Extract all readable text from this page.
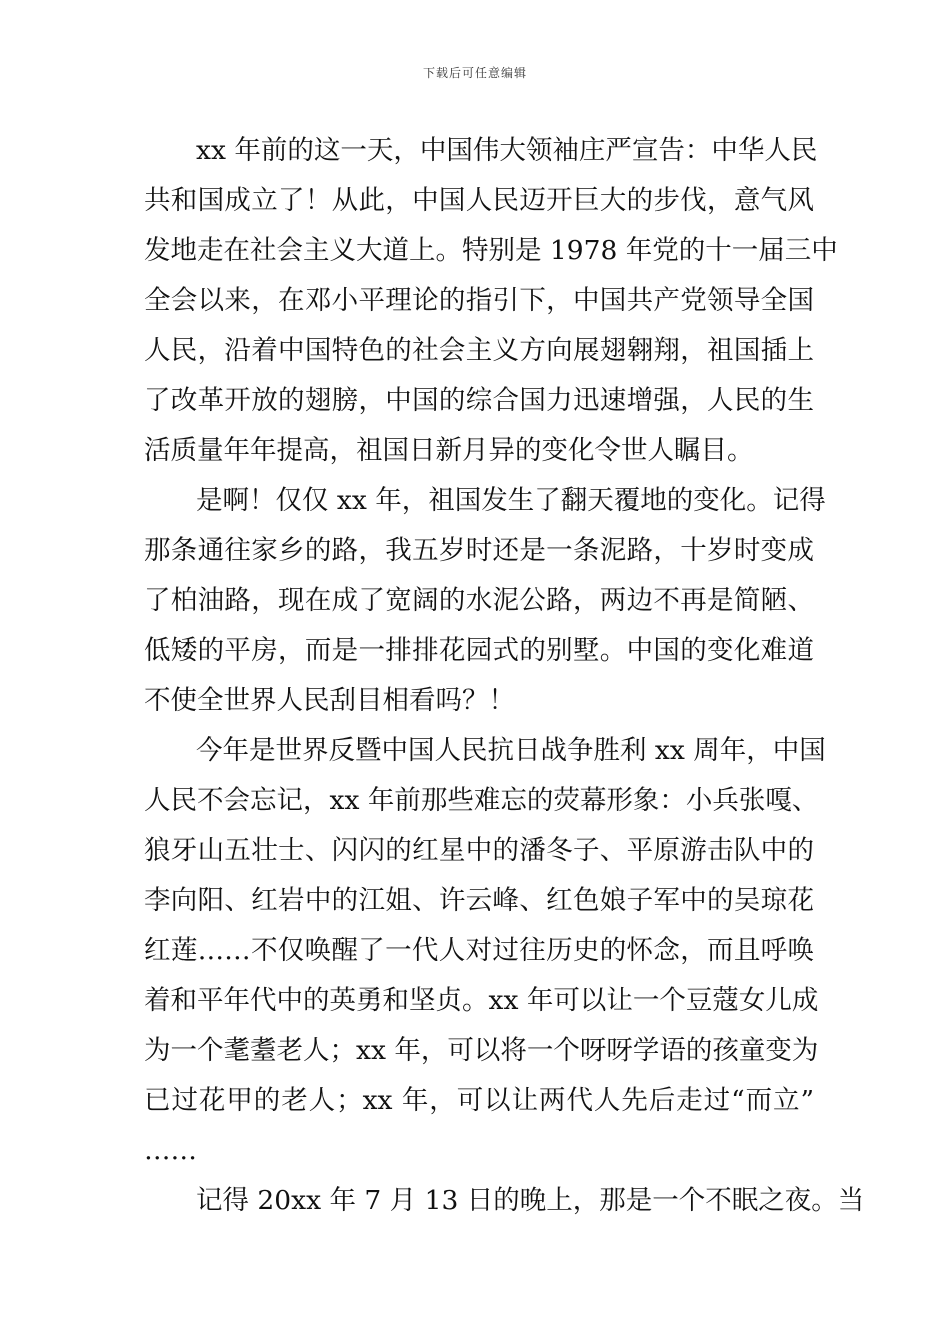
下载后可任意编辑
xx 年前的这一天，中国伟大领袖庄严宣告：中华人民
共和国成立了！从此，中国人民迈开巨大的步伐，意气风
发地走在社会主义大道上。特别是 1978 年党的十一届三中
全会以来，在邓小平理论的指引下，中国共产党领导全国
人民，沿着中国特色的社会主义方向展翅翱翔，祖国插上
了改革开放的翅膀，中国的综合国力迅速增强，人民的生
活质量年年提高，祖国日新月异的变化令世人瞩目。
是啊！仅仅 xx 年，祖国发生了翻天覆地的变化。记得
那条通往家乡的路，我五岁时还是一条泥路，十岁时变成
了柏油路，现在成了宽阔的水泥公路，两边不再是简陋、
低矮的平房，而是一排排花园式的别墅。中国的变化难道
不使全世界人民刮目相看吗？！
今年是世界反暨中国人民抗日战争胜利 xx 周年，中国
人民不会忘记，xx 年前那些难忘的荧幕形象：小兵张嘎、
狼牙山五壮士、闪闪的红星中的潘冬子、平原游击队中的
李向阳、红岩中的江姐、许云峰、红色娘子军中的吴琼花
红莲……不仅唤醒了一代人对过往历史的怀念，而且呼唤
着和平年代中的英勇和坚贞。xx 年可以让一个豆蔻女儿成
为一个耄耋老人；xx 年，可以将一个呀呀学语的孩童变为
已过花甲的老人；xx 年，可以让两代人先后走过“而立”
……
记得 20xx 年 7 月 13 日的晚上，那是一个不眠之夜。当
